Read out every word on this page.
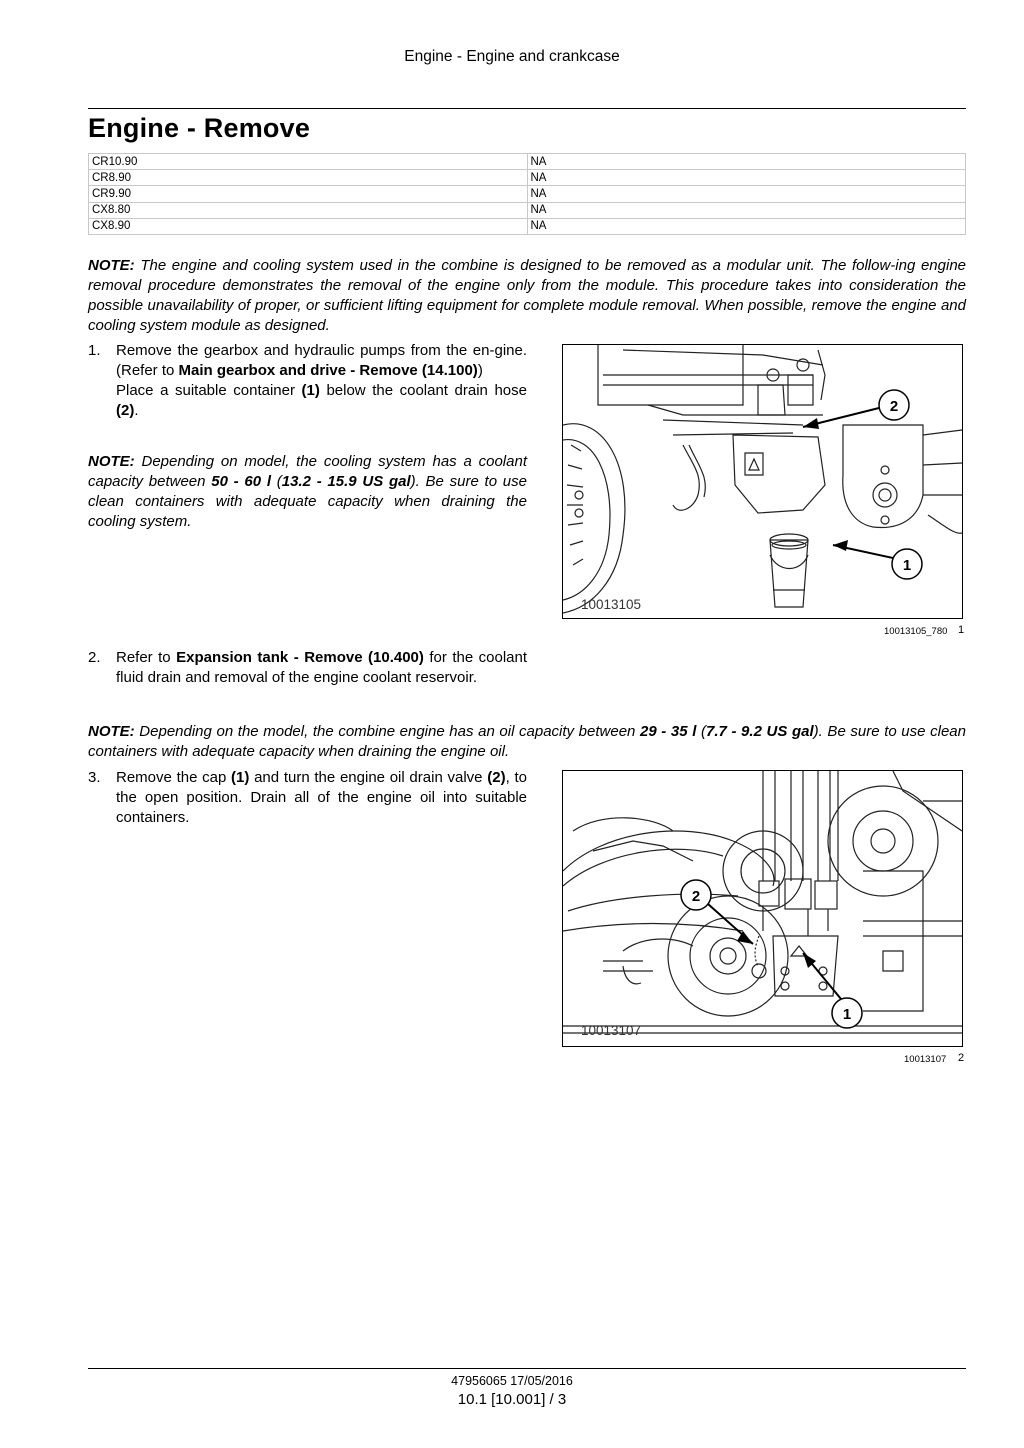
Engine - Engine and crankcase
Engine - Remove
CR10.90	NA
CR8.90	NA
CR9.90	NA
CX8.80	NA
CX8.90	NA
NOTE: The engine and cooling system used in the combine is designed to be removed as a modular unit. The follow-ing engine removal procedure demonstrates the removal of the engine only from the module. This procedure takes into consideration the possible unavailability of proper, or sufficient lifting equipment for complete module removal. When possible, remove the engine and cooling system module as designed.
1. Remove the gearbox and hydraulic pumps from the en-gine. (Refer to Main gearbox and drive - Remove (14.100))
Place a suitable container (1) below the coolant drain hose (2).
NOTE: Depending on model, the cooling system has a coolant capacity between 50 - 60 l (13.2 - 15.9 US gal). Be sure to use clean containers with adequate capacity when draining the cooling system.
2
1
10013105
10013105_780 1
2. Refer to Expansion tank - Remove (10.400) for the coolant fluid drain and removal of the engine coolant reservoir.
NOTE: Depending on the model, the combine engine has an oil capacity between 29 - 35 l (7.7 - 9.2 US gal). Be sure to use clean containers with adequate capacity when draining the engine oil.
3. Remove the cap (1) and turn the engine oil drain valve (2), to the open position. Drain all of the engine oil into suitable containers.
2
1
10013107
10013107 2
47956065 17/05/2016
10.1 [10.001] / 3
